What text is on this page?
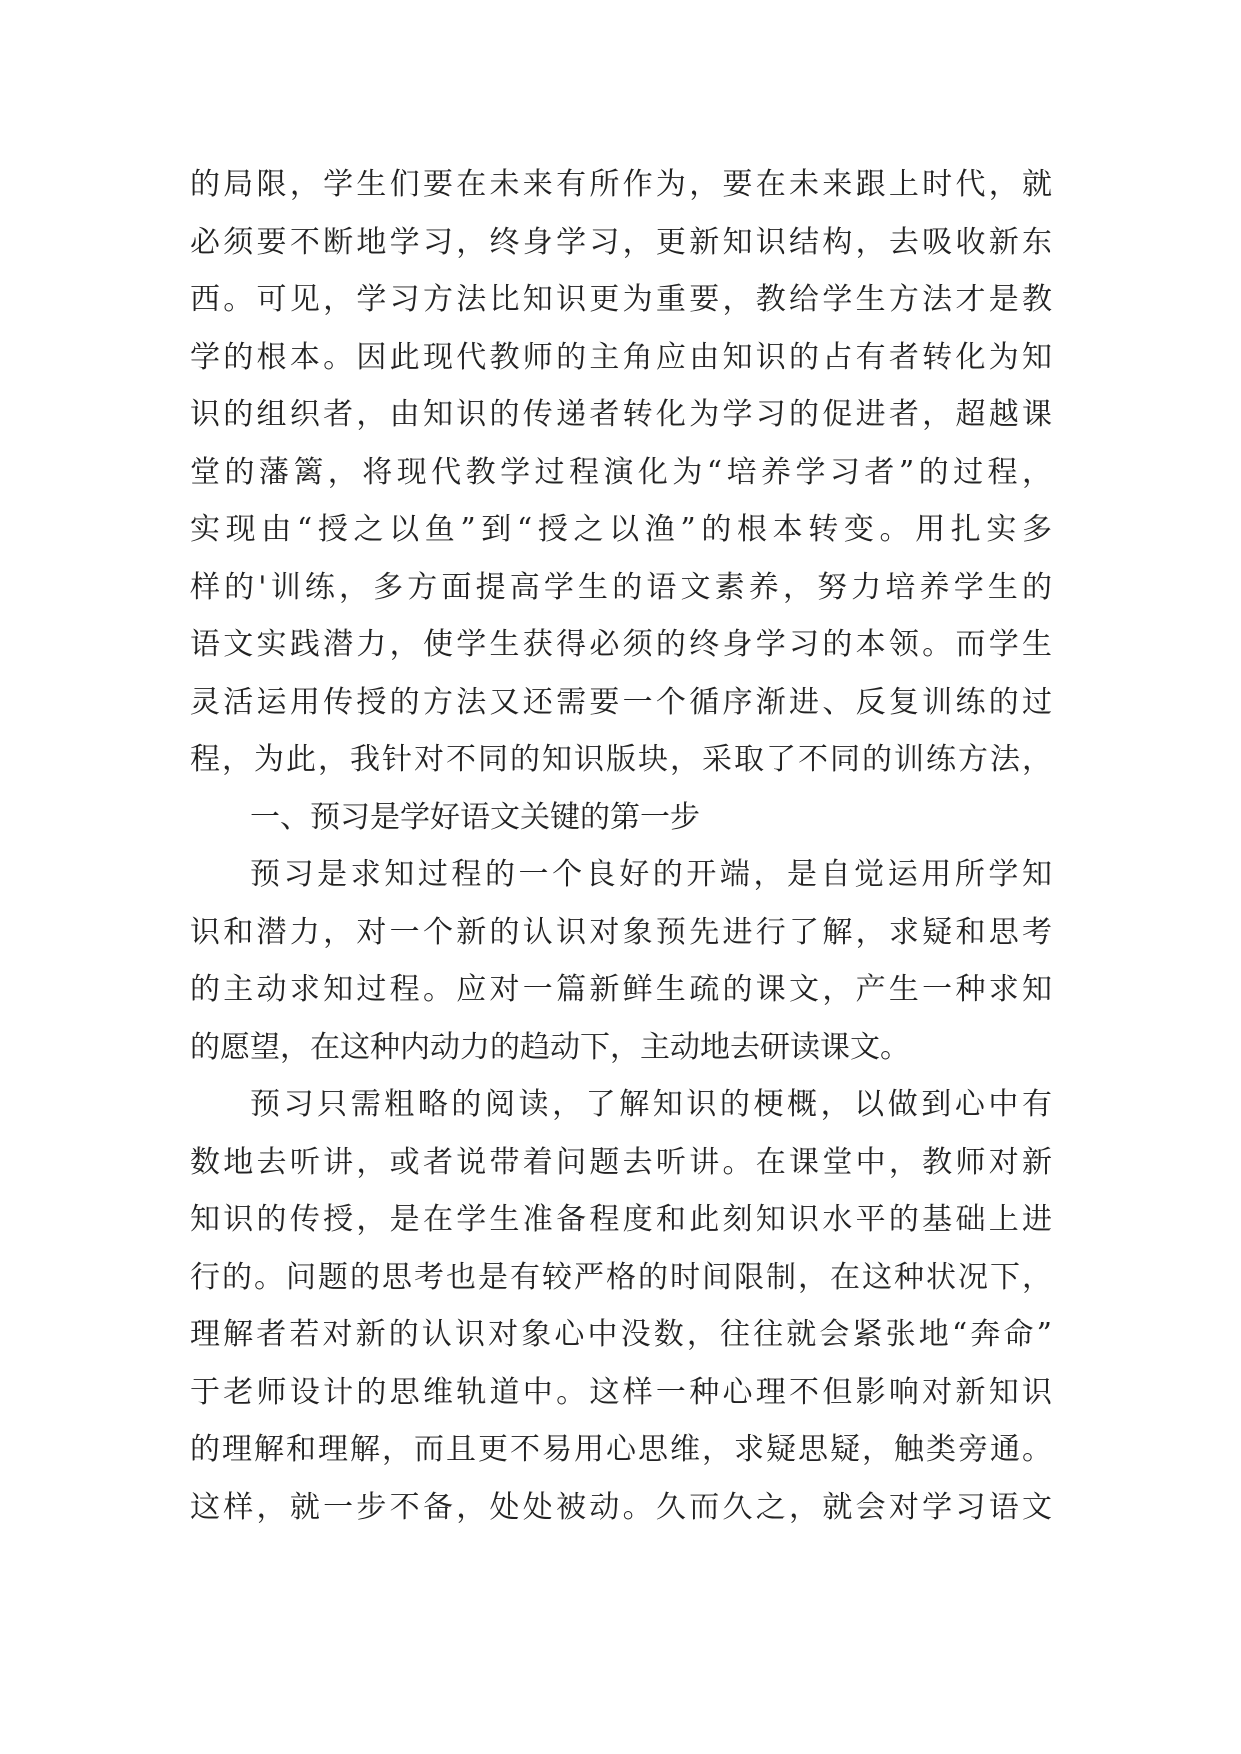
的局限，学生们要在未来有所作为，要在未来跟上时代，就
必须要不断地学习，终身学习，更新知识结构，去吸收新东
西。可见，学习方法比知识更为重要，教给学生方法才是教
学的根本。因此现代教师的主角应由知识的占有者转化为知
识的组织者，由知识的传递者转化为学习的促进者，超越课
堂的藩篱，将现代教学过程演化为“培养学习者”的过程，
实现由“授之以鱼”到“授之以渔”的根本转变。用扎实多
样的'训练，多方面提高学生的语文素养，努力培养学生的
语文实践潜力，使学生获得必须的终身学习的本领。而学生
灵活运用传授的方法又还需要一个循序渐进、反复训练的过
程，为此，我针对不同的知识版块，采取了不同的训练方法，
一、预习是学好语文关键的第一步
预习是求知过程的一个良好的开端，是自觉运用所学知
识和潜力，对一个新的认识对象预先进行了解，求疑和思考
的主动求知过程。应对一篇新鲜生疏的课文，产生一种求知
的愿望，在这种内动力的趋动下，主动地去研读课文。
预习只需粗略的阅读，了解知识的梗概，以做到心中有
数地去听讲，或者说带着问题去听讲。在课堂中，教师对新
知识的传授，是在学生准备程度和此刻知识水平的基础上进
行的。问题的思考也是有较严格的时间限制，在这种状况下，
理解者若对新的认识对象心中没数，往往就会紧张地“奔命”
于老师设计的思维轨道中。这样一种心理不但影响对新知识
的理解和理解，而且更不易用心思维，求疑思疑，触类旁通。
这样，就一步不备，处处被动。久而久之，就会对学习语文
